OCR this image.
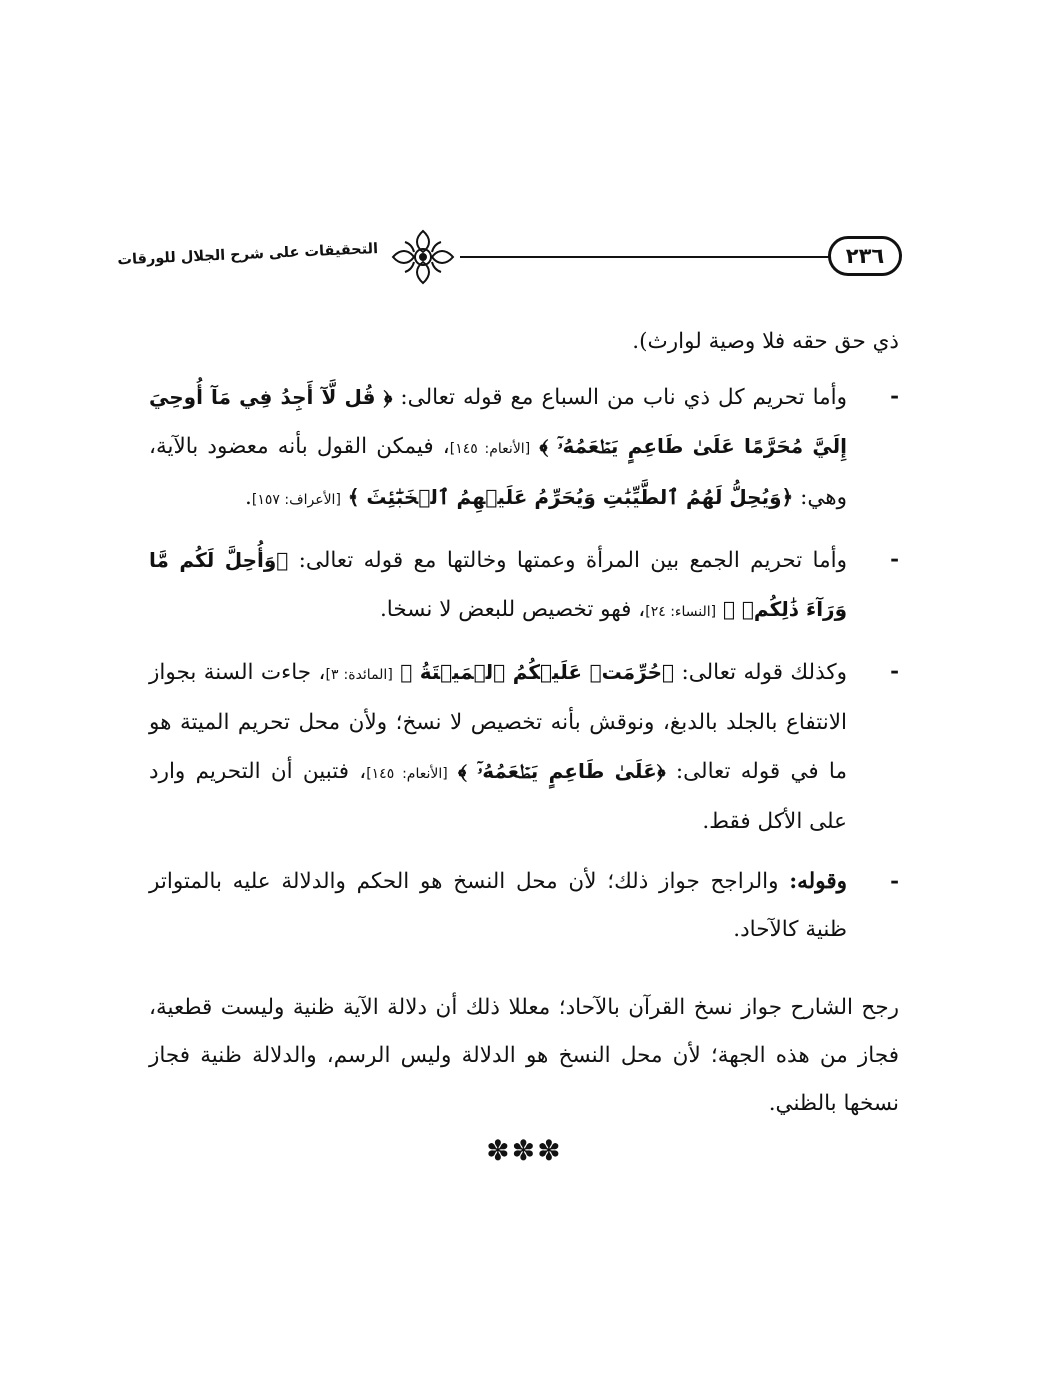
٢٣٦
التحقيقات على شرح الجلال للورقات

ذي حق حقه فلا وصية لوارث).

-
وأما تحريم كل ذي ناب من السباع مع قوله تعالى: ﴿ قُل لَّآ أَجِدُ فِي مَآ أُوحِيَ إِلَيَّ مُحَرَّمًا عَلَىٰ طَاعِمٍ يَطۡعَمُهُۥٓ ﴾ [الأنعام: ١٤٥]، فيمكن القول بأنه معضود بالآية، وهي: ﴿وَيُحِلُّ لَهُمُ ٱلطَّيِّبَٰتِ وَيُحَرِّمُ عَلَيۡهِمُ ٱلۡخَبَٰٓئِثَ ﴾ [الأعراف: ١٥٧].

-
وأما تحريم الجمع بين المرأة وعمتها وخالتها مع قوله تعالى: ﴿وَأُحِلَّ لَكُم مَّا وَرَآءَ ذَٰلِكُمۡ ﴾ [النساء: ٢٤]، فهو تخصيص للبعض لا نسخا.

-
وكذلك قوله تعالى: ﴿حُرِّمَتۡ عَلَيۡكُمُ ٱلۡمَيۡتَةُ ﴾ [المائدة: ٣]، جاءت السنة بجواز الانتفاع بالجلد بالدبغ، ونوقش بأنه تخصيص لا نسخ؛ ولأن محل تحريم الميتة هو ما في قوله تعالى: ﴿عَلَىٰ طَاعِمٍ يَطۡعَمُهُۥٓ ﴾ [الأنعام: ١٤٥]، فتبين أن التحريم وارد على الأكل فقط.

-
وقوله: والراجح جواز ذلك؛ لأن محل النسخ هو الحكم والدلالة عليه بالمتواتر ظنية كالآحاد.

رجح الشارح جواز نسخ القرآن بالآحاد؛ معللا ذلك أن دلالة الآية ظنية وليست قطعية، فجاز من هذه الجهة؛ لأن محل النسخ هو الدلالة وليس الرسم، والدلالة ظنية فجاز نسخها بالظني.

✽✽✽
